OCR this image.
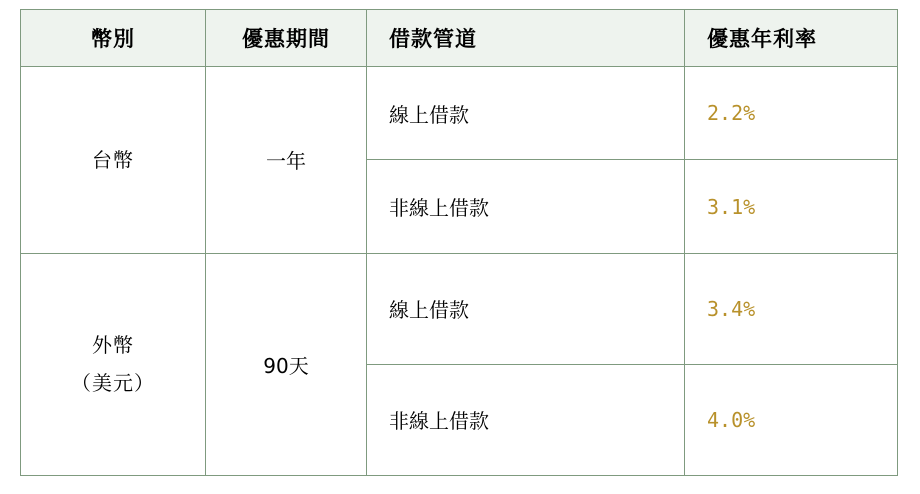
幣別	優惠期間	借款管道	優惠年利率

台幣	一年	線上借款	2.2%

		非線上借款	3.1%

外幣
（美元）	90天	線上借款	3.4%

		非線上借款	4.0%
